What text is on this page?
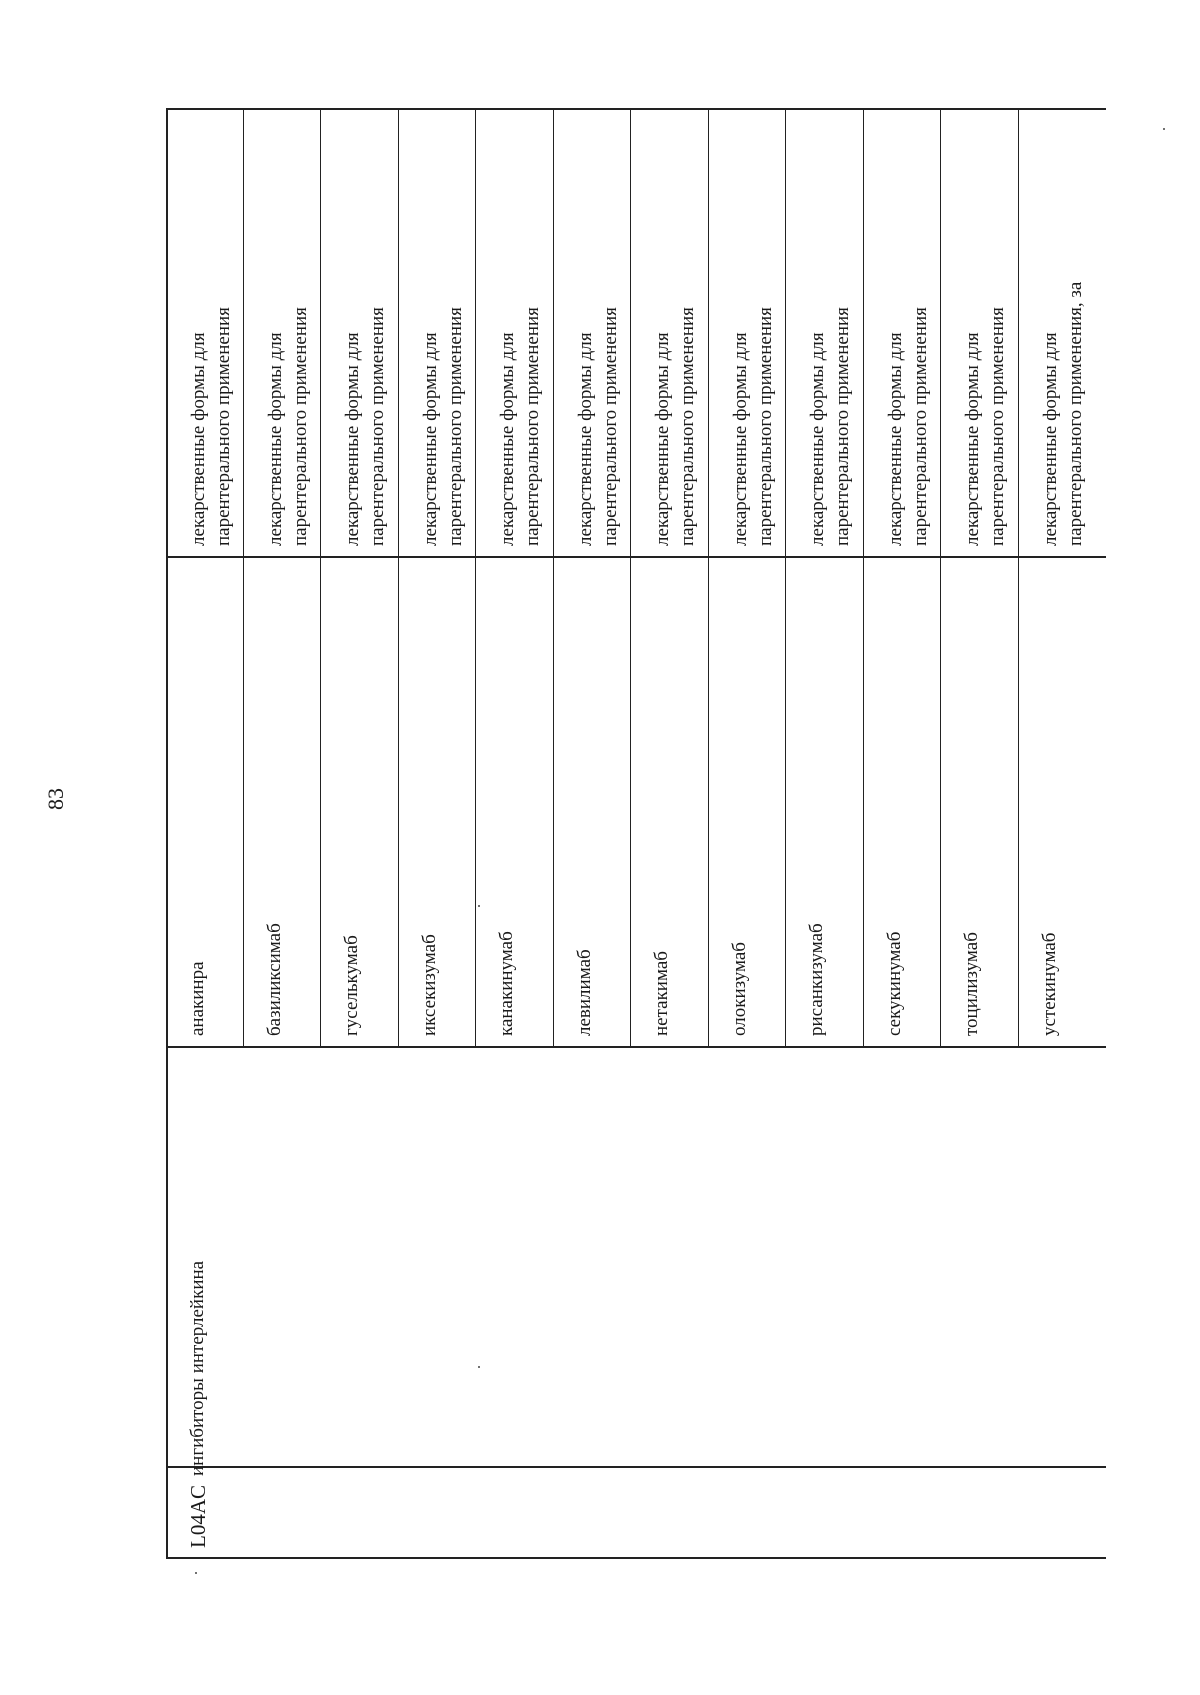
83
L04AC
ингибиторы интерлейкина
анакинра
лекарственные формы для парентерального применения
базиликсимаб
лекарственные формы для парентерального применения
гуселькумаб
лекарственные формы для парентерального применения
иксекизумаб
лекарственные формы для парентерального применения
канакинумаб
лекарственные формы для парентерального применения
левилимаб
лекарственные формы для парентерального применения
нетакимаб
лекарственные формы для парентерального применения
олокизумаб
лекарственные формы для парентерального применения
рисанкизумаб
лекарственные формы для парентерального применения
секукинумаб
лекарственные формы для парентерального применения
тоцилизумаб
лекарственные формы для парентерального применения
устекинумаб
лекарственные формы для парентерального применения, за
